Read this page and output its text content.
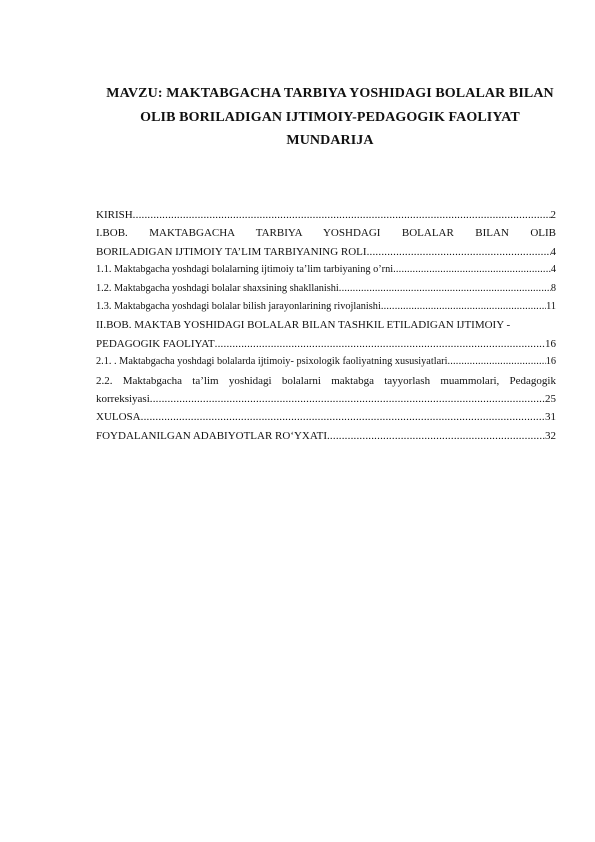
MAVZU: MAKTABGACHA TARBIYA YOSHIDAGI BOLALAR BILAN
OLIB BORILADIGAN IJTIMOIY-PEDAGOGIK FAOLIYAT
MUNDARIJA
KIRISH .....	2
I.BOB. MAKTABGACHA TARBIYA YOSHDAGI BOLALAR BILAN OLIB
BORILADIGAN IJTIMOIY TA’LIM TARBIYANING ROLI .....	4
1.1. Maktabgacha yoshdagi bolalarning ijtimoiy ta’lim tarbiyaning o’rni .....	4
1.2. Maktabgacha yoshdagi bolalar shaxsining shakllanishi .....	8
1.3. Maktabgacha yoshdagi bolalar bilish jarayonlarining rivojlanishi .....	11
II.BOB. MAKTAB YOSHIDAGI BOLALAR BILAN TASHKIL ETILADIGAN IJTIMOIY -
PEDAGOGIK FAOLIYAT .....	16
2.1. . Maktabgacha yoshdagi bolalarda ijtimoiy- psixologik faoliyatning xususiyatlari .....	16
2.2. Maktabgacha ta’lim yoshidagi bolalarni maktabga tayyorlash muammolari, Pedagogik
korreksiyasi .....	25
XULOSA .....	31
FOYDALANILGAN ADABIYOTLAR RO‘YXATI .....	32
